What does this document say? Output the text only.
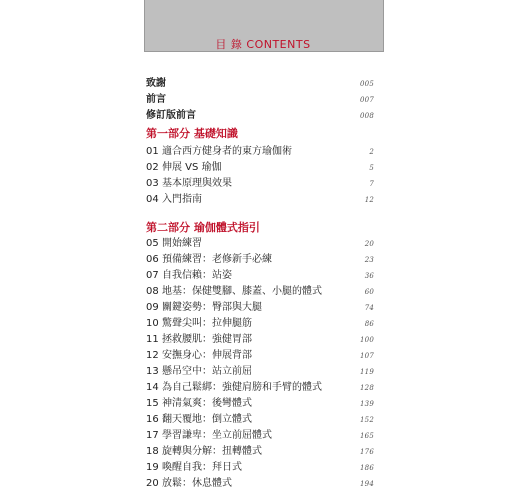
目 錄 CONTENTS
致謝	005
前言	007
修訂版前言	008
第一部分 基礎知識
01 適合西方健身者的東方瑜伽術	2
02 伸展 VS 瑜伽	5
03 基本原理與效果	7
04 入門指南	12
第二部分 瑜伽體式指引
05 開始練習	20
06 預備練習：老修新手必練	23
07 自我信賴：站姿	36
08 地基：保健雙腳、膝蓋、小腿的體式	60
09 關鍵姿勢：臀部與大腿	74
10 驚聲尖叫：拉伸腿筋	86
11 拯救腰肌：強健胃部	100
12 安撫身心：伸展背部	107
13 懸吊空中：站立前屈	119
14 為自己鬆綁：強健肩膀和手臂的體式	128
15 神清氣爽：後彎體式	139
16 翻天覆地：倒立體式	152
17 學習謙卑：坐立前屈體式	165
18 旋轉與分解：扭轉體式	176
19 喚醒自我：拜日式	186
20 放鬆：休息體式	194
